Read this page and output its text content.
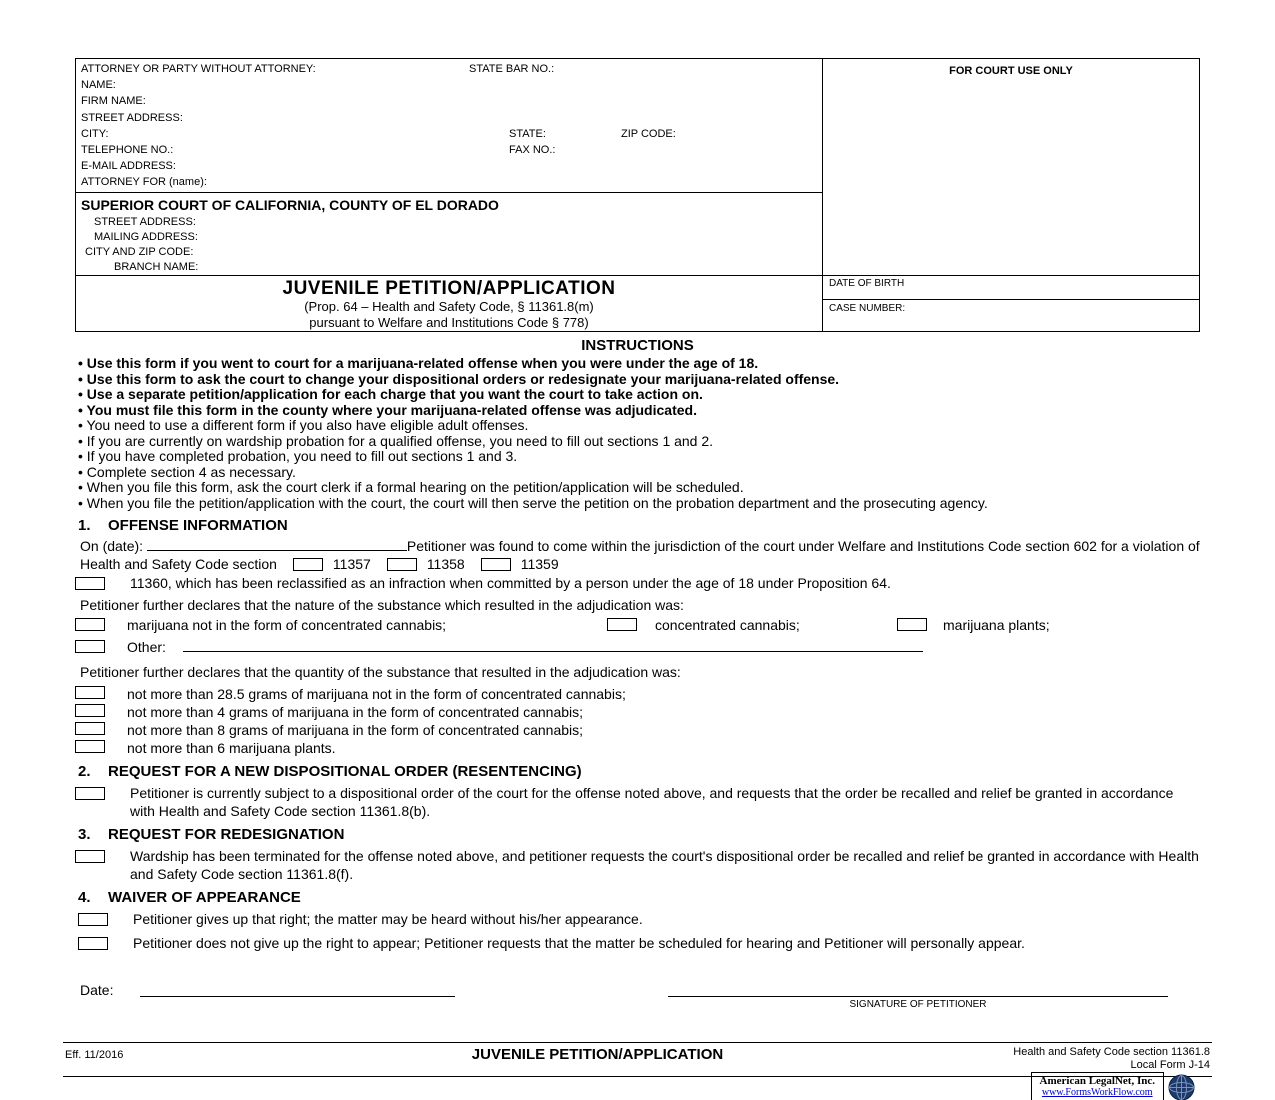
ATTORNEY OR PARTY WITHOUT ATTORNEY:	STATE BAR NO.:
NAME:
FIRM NAME:
STREET ADDRESS:
CITY:	STATE:	ZIP CODE:
TELEPHONE NO.:	FAX NO.:
E-MAIL ADDRESS:
ATTORNEY FOR (name):
SUPERIOR COURT OF CALIFORNIA, COUNTY OF EL DORADO
STREET ADDRESS:
MAILING ADDRESS:
CITY AND ZIP CODE:
BRANCH NAME:
JUVENILE PETITION/APPLICATION
(Prop. 64 – Health and Safety Code, § 11361.8(m)
pursuant to Welfare and Institutions Code § 778)
FOR COURT USE ONLY
DATE OF BIRTH
CASE NUMBER:
INSTRUCTIONS
• Use this form if you went to court for a marijuana-related offense when you were under the age of 18.
• Use this form to ask the court to change your dispositional orders or redesignate your marijuana-related offense.
• Use a separate petition/application for each charge that you want the court to take action on.
• You must file this form in the county where your marijuana-related offense was adjudicated.
• You need to use a different form if you also have eligible adult offenses.
• If you are currently on wardship probation for a qualified offense, you need to fill out sections 1 and 2.
• If you have completed probation, you need to fill out sections 1 and 3.
• Complete section 4 as necessary.
• When you file this form, ask the court clerk if a formal hearing on the petition/application will be scheduled.
• When you file the petition/application with the court, the court will then serve the petition on the probation department and the prosecuting agency.
1. OFFENSE INFORMATION
On (date):	Petitioner was found to come within the jurisdiction of the court under Welfare and Institutions Code section 602 for a violation of Health and Safety Code section	11357	11358	11359
11360, which has been reclassified as an infraction when committed by a person under the age of 18 under Proposition 64.
Petitioner further declares that the nature of the substance which resulted in the adjudication was:
marijuana not in the form of concentrated cannabis;	concentrated cannabis;	marijuana plants;
Other:
Petitioner further declares that the quantity of the substance that resulted in the adjudication was:
not more than 28.5 grams of marijuana not in the form of concentrated cannabis;
not more than 4 grams of marijuana in the form of concentrated cannabis;
not more than 8 grams of marijuana in the form of concentrated cannabis;
not more than 6 marijuana plants.
2. REQUEST FOR A NEW DISPOSITIONAL ORDER (RESENTENCING)
Petitioner is currently subject to a dispositional order of the court for the offense noted above, and requests that the order be recalled and relief be granted in accordance with Health and Safety Code section 11361.8(b).
3. REQUEST FOR REDESIGNATION
Wardship has been terminated for the offense noted above, and petitioner requests the court's dispositional order be recalled and relief be granted in accordance with Health and Safety Code section 11361.8(f).
4. WAIVER OF APPEARANCE
Petitioner gives up that right; the matter may be heard without his/her appearance.
Petitioner does not give up the right to appear; Petitioner requests that the matter be scheduled for hearing and Petitioner will personally appear.
Date:
SIGNATURE OF PETITIONER
Eff. 11/2016	JUVENILE PETITION/APPLICATION	Health and Safety Code section 11361.8
Local Form J-14
American LegalNet, Inc.
www.FormsWorkFlow.com
